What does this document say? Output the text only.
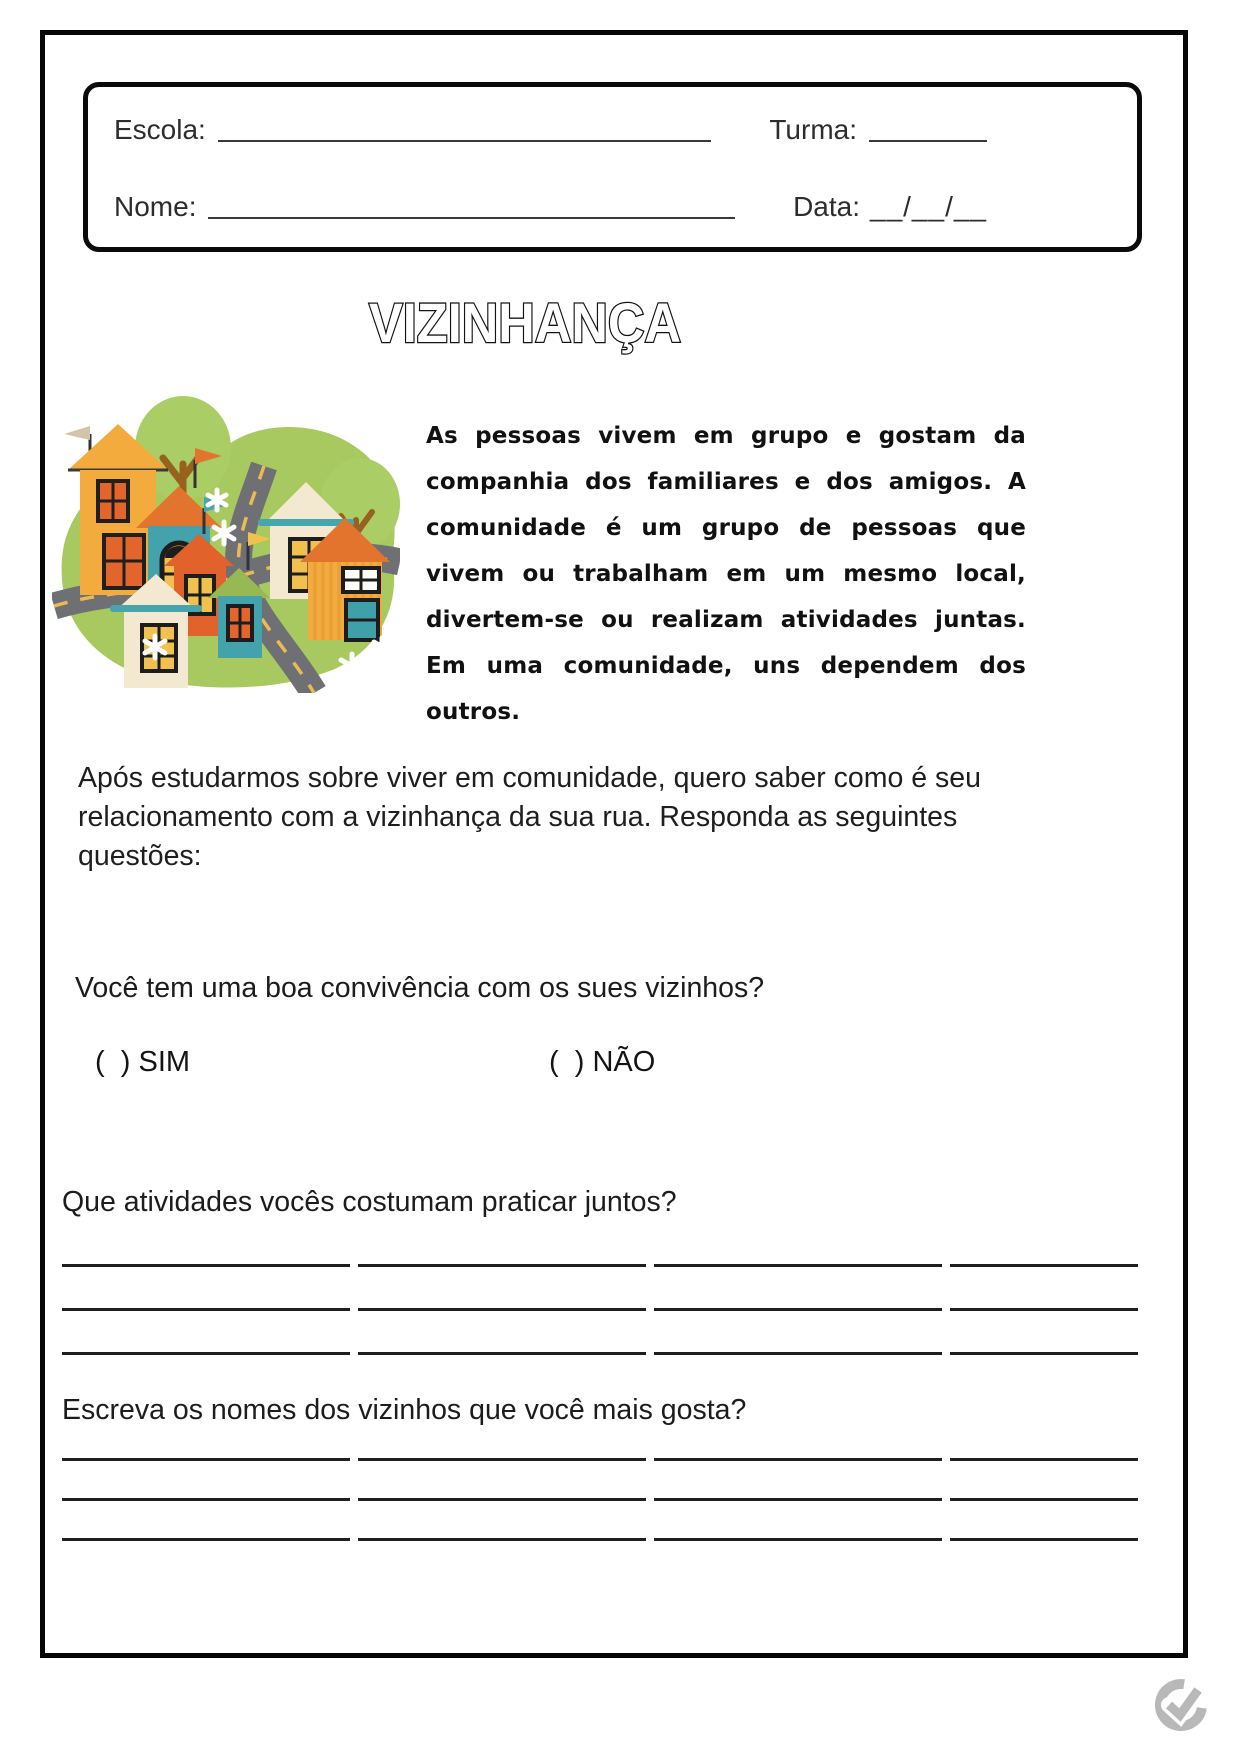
Escola:	Turma:
Nome:	Data: __/__/__
VIZINHANÇA

As pessoas vivem em grupo e gostam da companhia dos familiares e dos amigos. A comunidade é um grupo de pessoas que vivem ou trabalham em um mesmo local, divertem-se ou realizam atividades juntas. Em uma comunidade, uns dependem dos outros.

Após estudarmos sobre viver em comunidade, quero saber como é seu relacionamento com a vizinhança da sua rua. Responda as seguintes questões:

Você tem uma boa convivência com os sues vizinhos?
(  ) SIM	(  ) NÃO
Que atividades vocês costumam praticar juntos?
Escreva os nomes dos vizinhos que você mais gosta?
